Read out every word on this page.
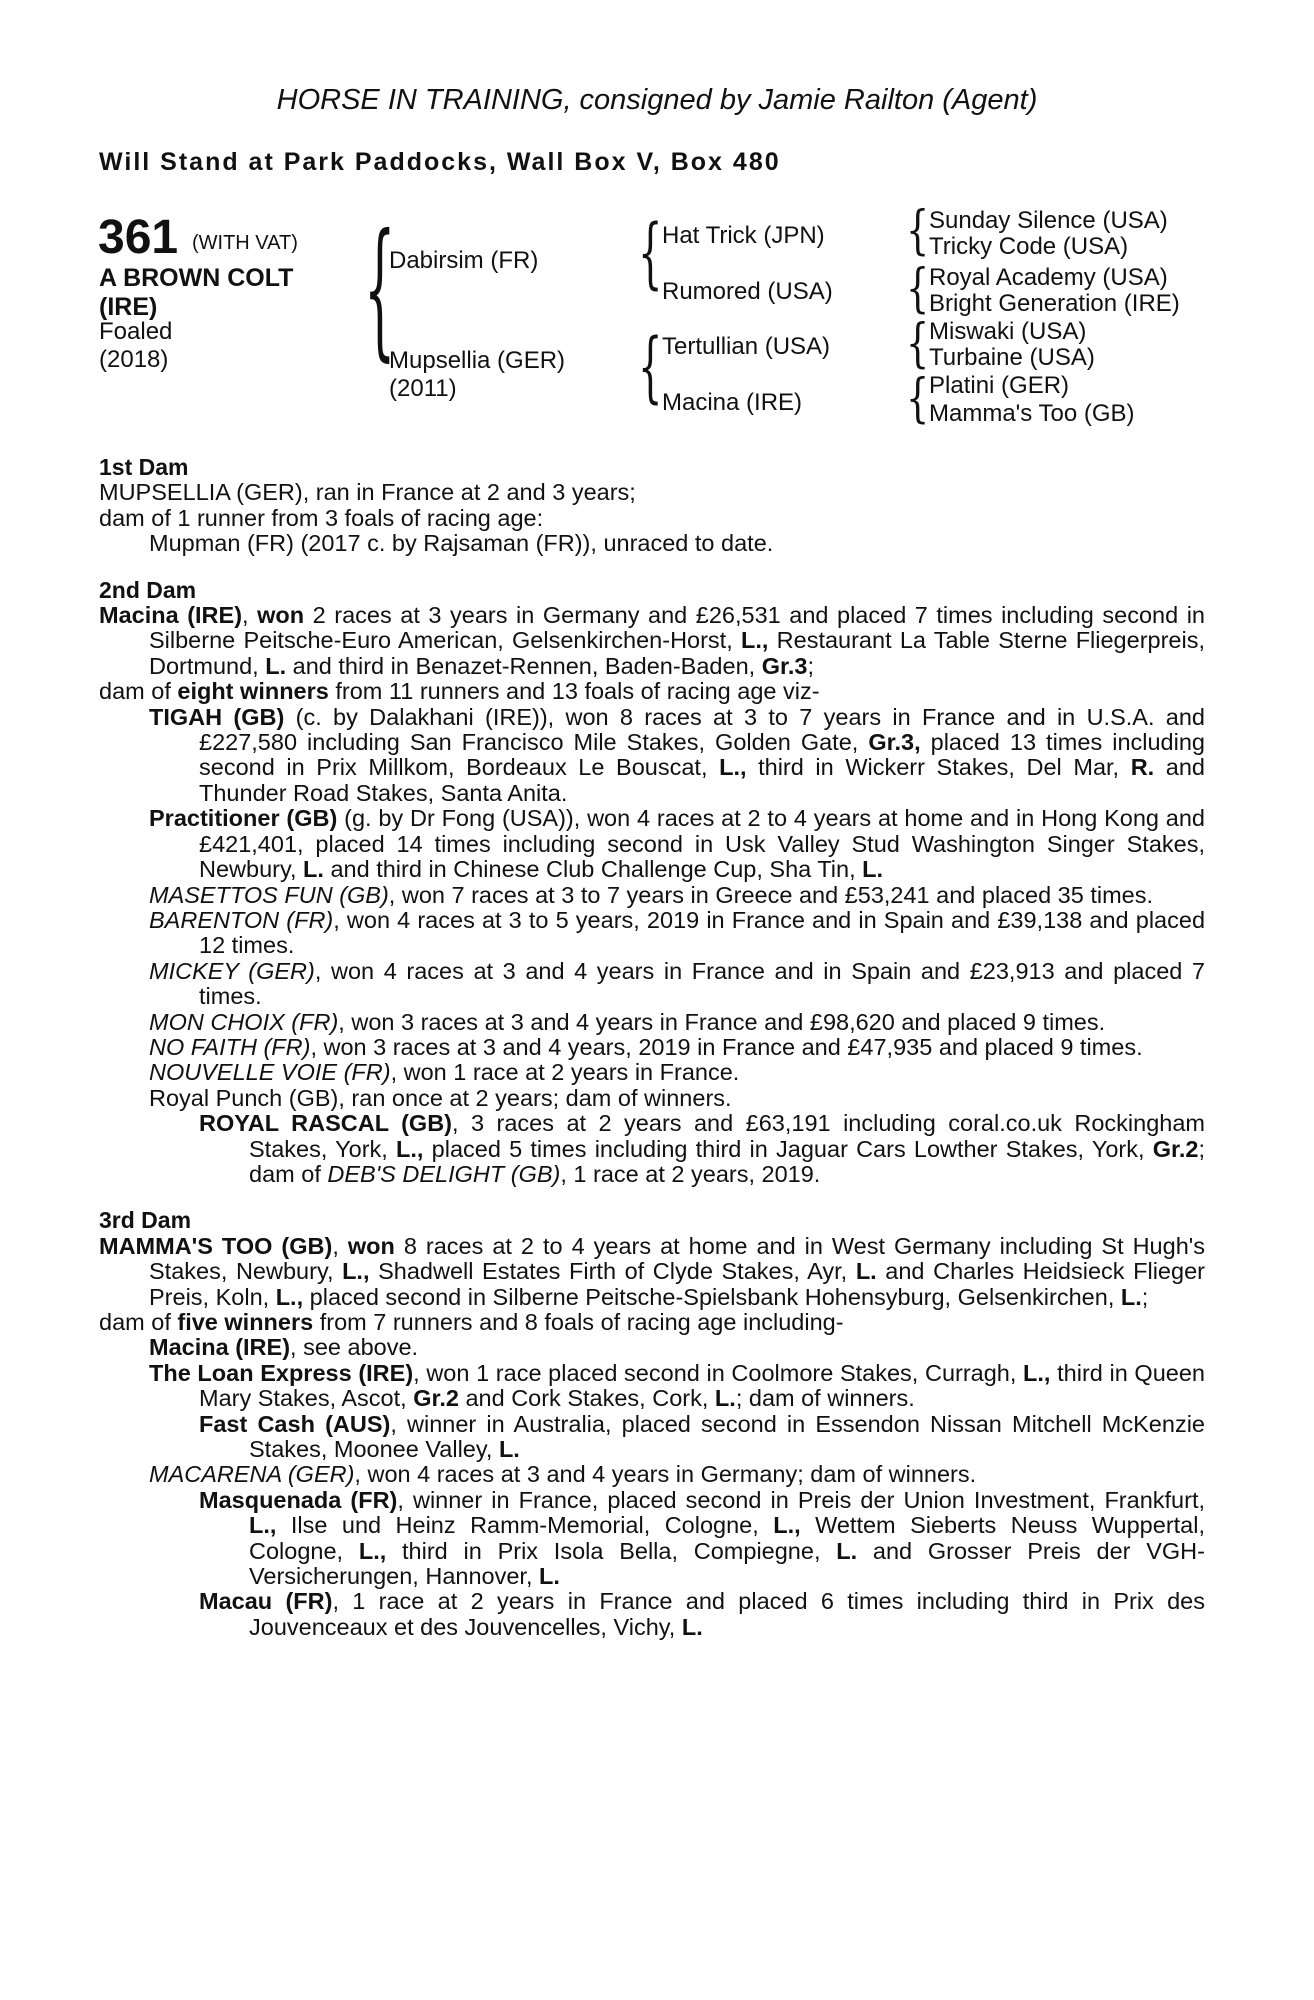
HORSE IN TRAINING, consigned by Jamie Railton (Agent)
Will Stand at Park Paddocks, Wall Box V, Box 480
361 (WITH VAT)
A BROWN COLT
(IRE)
Foaled
(2018) {
Dabirsim (FR)
Mupsellia (GER)
(2011)
{ Hat Trick (JPN)
Rumored (USA)
{ Tertullian (USA)
Macina (IRE)
{
{
{
{
Sunday Silence (USA)
Tricky Code (USA)
Royal Academy (USA)
Bright Generation (IRE)
Miswaki (USA)
Turbaine (USA)
Platini (GER)
Mamma's Too (GB)
1st Dam
MUPSELLIA (GER), ran in France at 2 and 3 years;
dam of 1 runner from 3 foals of racing age:
Mupman (FR) (2017 c. by Rajsaman (FR)), unraced to date.
2nd Dam
Macina (IRE), won 2 races at 3 years in Germany and £26,531 and placed 7 times including second in Silberne Peitsche-Euro American, Gelsenkirchen-Horst, L., Restaurant La Table Sterne Fliegerpreis, Dortmund, L. and third in Benazet-Rennen, Baden-Baden, Gr.3;
dam of eight winners from 11 runners and 13 foals of racing age viz-
TIGAH (GB) (c. by Dalakhani (IRE)), won 8 races at 3 to 7 years in France and in U.S.A. and £227,580 including San Francisco Mile Stakes, Golden Gate, Gr.3, placed 13 times including second in Prix Millkom, Bordeaux Le Bouscat, L., third in Wickerr Stakes, Del Mar, R. and Thunder Road Stakes, Santa Anita.
Practitioner (GB) (g. by Dr Fong (USA)), won 4 races at 2 to 4 years at home and in Hong Kong and £421,401, placed 14 times including second in Usk Valley Stud Washington Singer Stakes, Newbury, L. and third in Chinese Club Challenge Cup, Sha Tin, L.
MASETTOS FUN (GB), won 7 races at 3 to 7 years in Greece and £53,241 and placed 35 times.
BARENTON (FR), won 4 races at 3 to 5 years, 2019 in France and in Spain and £39,138 and placed 12 times.
MICKEY (GER), won 4 races at 3 and 4 years in France and in Spain and £23,913 and placed 7 times.
MON CHOIX (FR), won 3 races at 3 and 4 years in France and £98,620 and placed 9 times.
NO FAITH (FR), won 3 races at 3 and 4 years, 2019 in France and £47,935 and placed 9 times.
NOUVELLE VOIE (FR), won 1 race at 2 years in France.
Royal Punch (GB), ran once at 2 years; dam of winners.
ROYAL RASCAL (GB), 3 races at 2 years and £63,191 including coral.co.uk Rockingham Stakes, York, L., placed 5 times including third in Jaguar Cars Lowther Stakes, York, Gr.2; dam of DEB'S DELIGHT (GB), 1 race at 2 years, 2019.
3rd Dam
MAMMA'S TOO (GB), won 8 races at 2 to 4 years at home and in West Germany including St Hugh's Stakes, Newbury, L., Shadwell Estates Firth of Clyde Stakes, Ayr, L. and Charles Heidsieck Flieger Preis, Koln, L., placed second in Silberne Peitsche-Spielsbank Hohensyburg, Gelsenkirchen, L.;
dam of five winners from 7 runners and 8 foals of racing age including-
Macina (IRE), see above.
The Loan Express (IRE), won 1 race placed second in Coolmore Stakes, Curragh, L., third in Queen Mary Stakes, Ascot, Gr.2 and Cork Stakes, Cork, L.; dam of winners.
Fast Cash (AUS), winner in Australia, placed second in Essendon Nissan Mitchell McKenzie Stakes, Moonee Valley, L.
MACARENA (GER), won 4 races at 3 and 4 years in Germany; dam of winners.
Masquenada (FR), winner in France, placed second in Preis der Union Investment, Frankfurt, L., Ilse und Heinz Ramm-Memorial, Cologne, L., Wettem Sieberts Neuss Wuppertal, Cologne, L., third in Prix Isola Bella, Compiegne, L. and Grosser Preis der VGH-Versicherungen, Hannover, L.
Macau (FR), 1 race at 2 years in France and placed 6 times including third in Prix des Jouvenceaux et des Jouvencelles, Vichy, L.
